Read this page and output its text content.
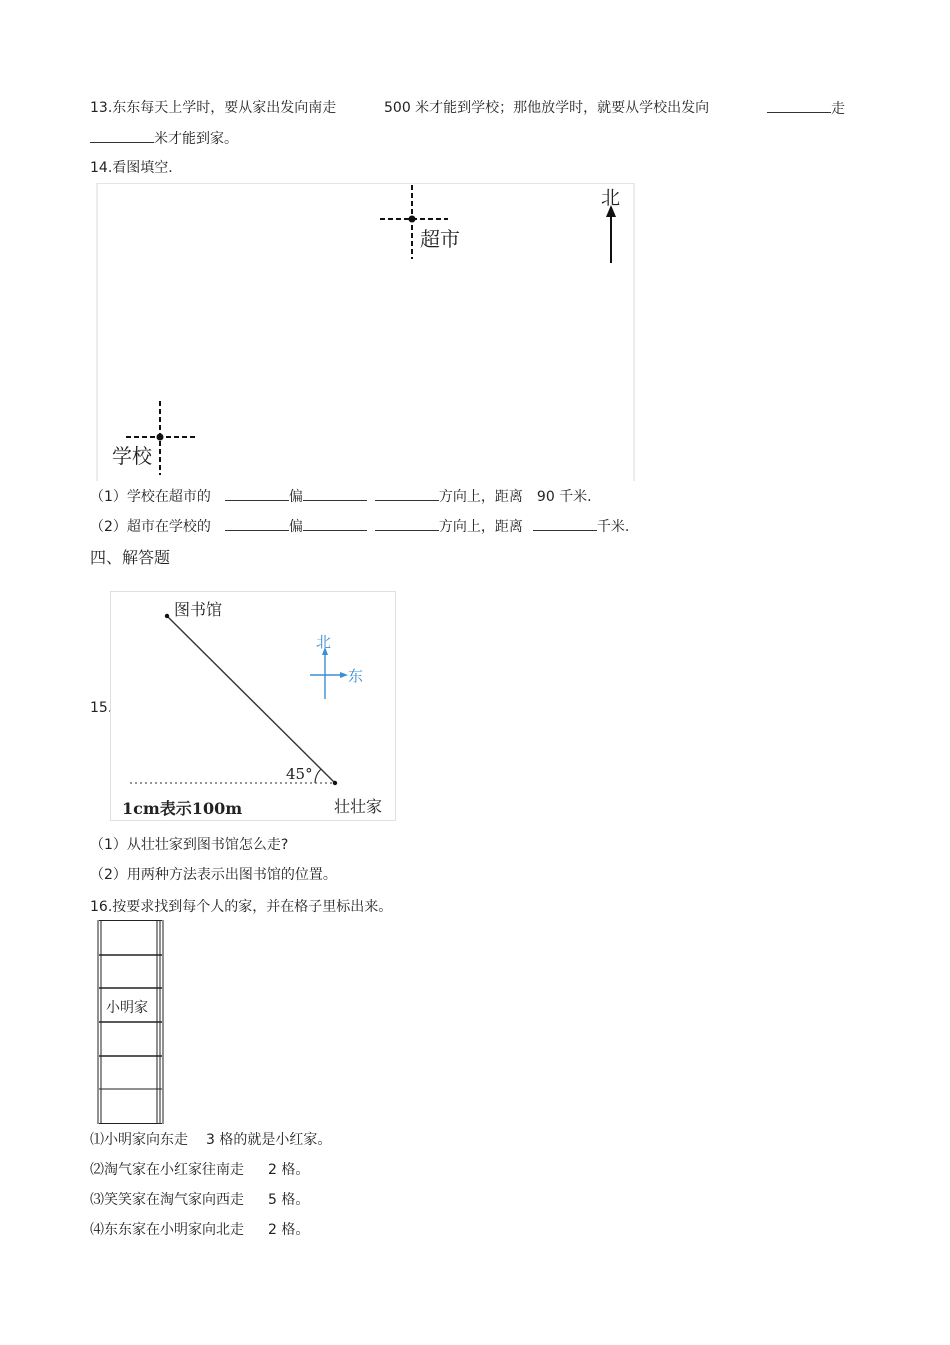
13.东东每天上学时，要从家出发向南走	500 米才能到学校；那他放学时，就要从学校出发向	走
米才能到家。
14.看图填空.
超市
北
学校
（1）学校在超市的	偏	方向上，距离 90 千米.
（2）超市在学校的	偏	方向上，距离	千米.
四、解答题
15.
45°
北
东
图书馆
1cm表示100m	壮壮家
（1）从壮壮家到图书馆怎么走?
（2）用两种方法表示出图书馆的位置。
16.按要求找到每个人的家，并在格子里标出来。
小明家
⑴小明家向东走 3 格的就是小红家。
⑵淘气家在小红家往南走 2 格。
⑶笑笑家在淘气家向西走 5 格。
⑷东东家在小明家向北走 2 格。
